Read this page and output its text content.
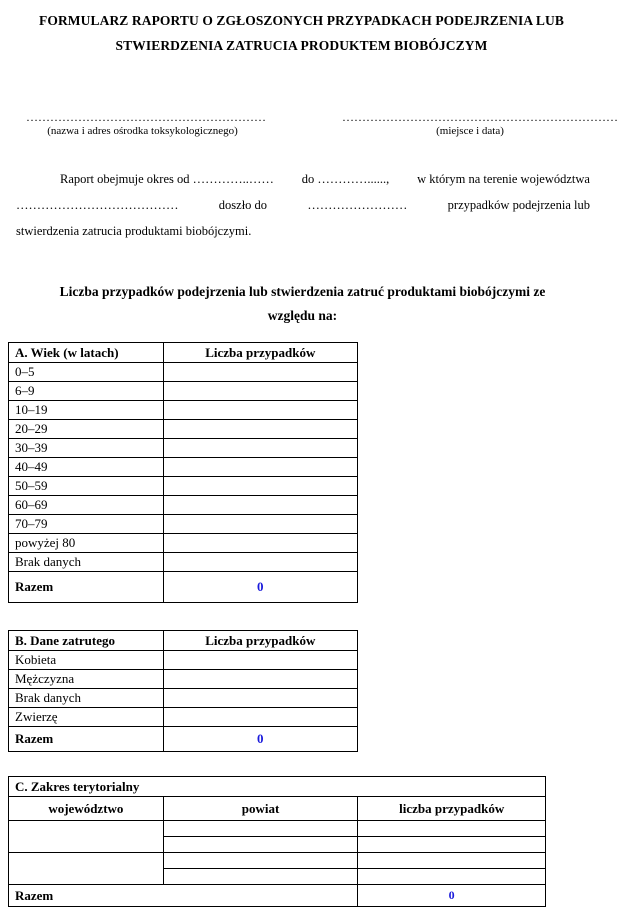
FORMULARZ RAPORTU O ZGŁOSZONYCH PRZYPADKACH PODEJRZENIA LUB
STWIERDZENIA ZATRUCIA PRODUKTEM BIOBÓJCZYM
……………………………………………………
(nazwa i adres ośrodka toksykologicznego)
……………………………………………………………
(miejsce i data)
Raport obejmuje okres od …………..…… do …………......, w którym na terenie województwa
…………………………………	doszło do	……………………	przypadków podejrzenia lub
stwierdzenia zatrucia produktami biobójczymi.
Liczba przypadków podejrzenia lub stwierdzenia zatruć produktami biobójczymi ze
względu na:
A. Wiek (w latach)	Liczba przypadków
0–5	
6–9	
10–19	
20–29	
30–39	
40–49	
50–59	
60–69	
70–79	
powyżej 80	
Brak danych	
Razem	0
B. Dane zatrutego	Liczba przypadków
Kobieta	
Mężczyzna	
Brak danych	
Zwierzę	
Razem	0
C. Zakres terytorialny		
województwo	powiat	liczba przypadków

Razem		0
